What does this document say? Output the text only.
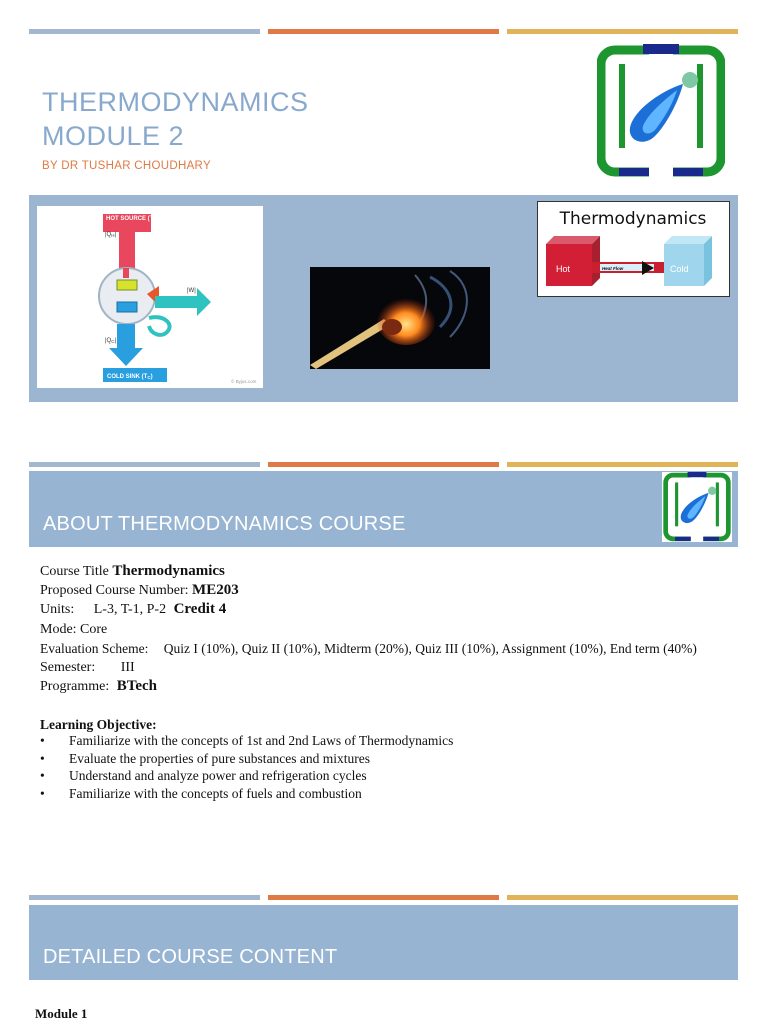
THERMODYNAMICS
MODULE 2
BY DR TUSHAR CHOUDHARY
HOT SOURCE (TH)
|QH|
|W|
|QC|
COLD SINK (TC)
© Byjus.com
Thermodynamics
Hot	Heat Flow	Cold
ABOUT THERMODYNAMICS COURSE
Course Title Thermodynamics
Proposed Course Number: ME203
Units: L-3, T-1, P-2 Credit 4
Mode: Core
Evaluation Scheme: Quiz I (10%), Quiz II (10%), Midterm (20%), Quiz III (10%), Assignment (10%), End term (40%)
Semester: III
Programme: BTech
Learning Objective:
• Familiarize with the concepts of 1st and 2nd Laws of Thermodynamics
• Evaluate the properties of pure substances and mixtures
• Understand and analyze power and refrigeration cycles
• Familiarize with the concepts of fuels and combustion
DETAILED COURSE CONTENT
Module 1
